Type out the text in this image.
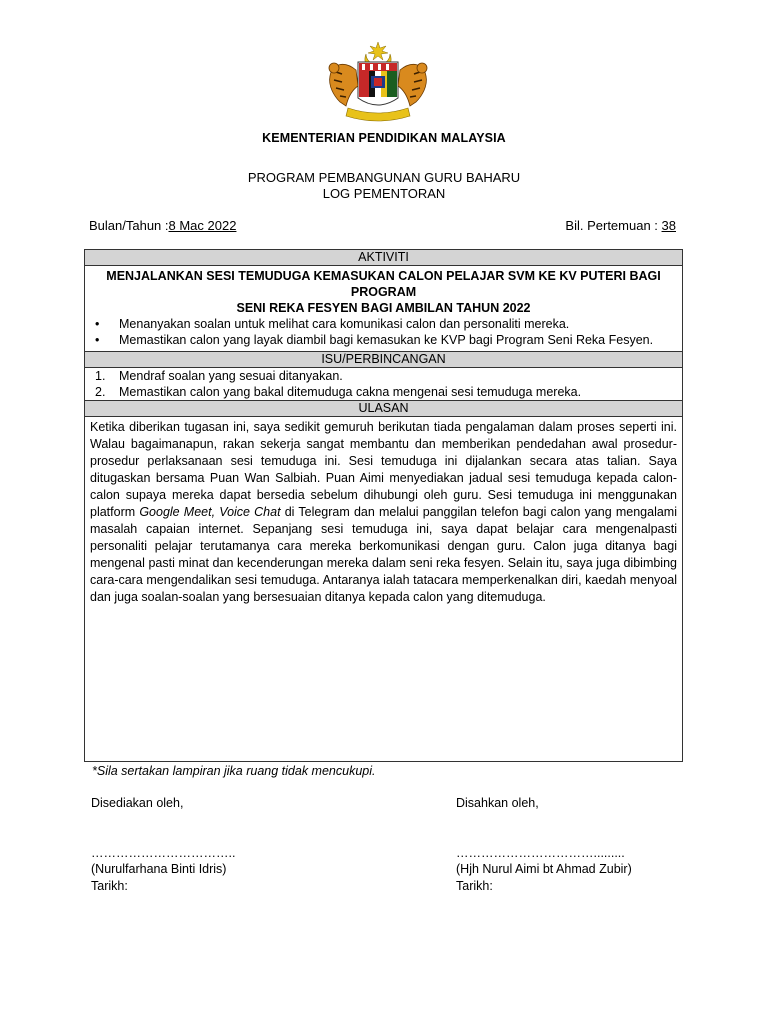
KEMENTERIAN PENDIDIKAN MALAYSIA
PROGRAM PEMBANGUNAN GURU BAHARU
LOG PEMENTORAN
Bulan/Tahun :8 Mac 2022	Bil. Pertemuan : 38
AKTIVITI
MENJALANKAN SESI TEMUDUGA KEMASUKAN CALON PELAJAR SVM KE KV PUTERI BAGI PROGRAM
SENI REKA FESYEN BAGI AMBILAN TAHUN 2022
• Menanyakan soalan untuk melihat cara komunikasi calon dan personaliti mereka.
• Memastikan calon yang layak diambil bagi kemasukan ke KVP bagi Program Seni Reka Fesyen.
ISU/PERBINCANGAN
1. Mendraf soalan yang sesuai ditanyakan.
2. Memastikan calon yang bakal ditemuduga cakna mengenai sesi temuduga mereka.
ULASAN
Ketika diberikan tugasan ini, saya sedikit gemuruh berikutan tiada pengalaman dalam proses seperti ini. Walau bagaimanapun, rakan sekerja sangat membantu dan memberikan pendedahan awal prosedur-prosedur perlaksanaan sesi temuduga ini. Sesi temuduga ini dijalankan secara atas talian. Saya ditugaskan bersama Puan Wan Salbiah. Puan Aimi menyediakan jadual sesi temuduga kepada calon-calon supaya mereka dapat bersedia sebelum dihubungi oleh guru. Sesi temuduga ini menggunakan platform Google Meet, Voice Chat di Telegram dan melalui panggilan telefon bagi calon yang mengalami masalah capaian internet. Sepanjang sesi temuduga ini, saya dapat belajar cara mengenalpasti personaliti pelajar terutamanya cara mereka berkomunikasi dengan guru. Calon juga ditanya bagi mengenal pasti minat dan kecenderungan mereka dalam seni reka fesyen. Selain itu, saya juga dibimbing cara-cara mengendalikan sesi temuduga. Antaranya ialah tatacara memperkenalkan diri, kaedah menyoal dan juga soalan-soalan yang bersesuaian ditanya kepada calon yang ditemuduga.
*Sila sertakan lampiran jika ruang tidak mencukupi.
Disediakan oleh,
……………………………..
(Nurulfarhana Binti Idris)
Tarikh:
Disahkan oleh,
…………………………….........
(Hjh Nurul Aimi bt Ahmad Zubir)
Tarikh:
